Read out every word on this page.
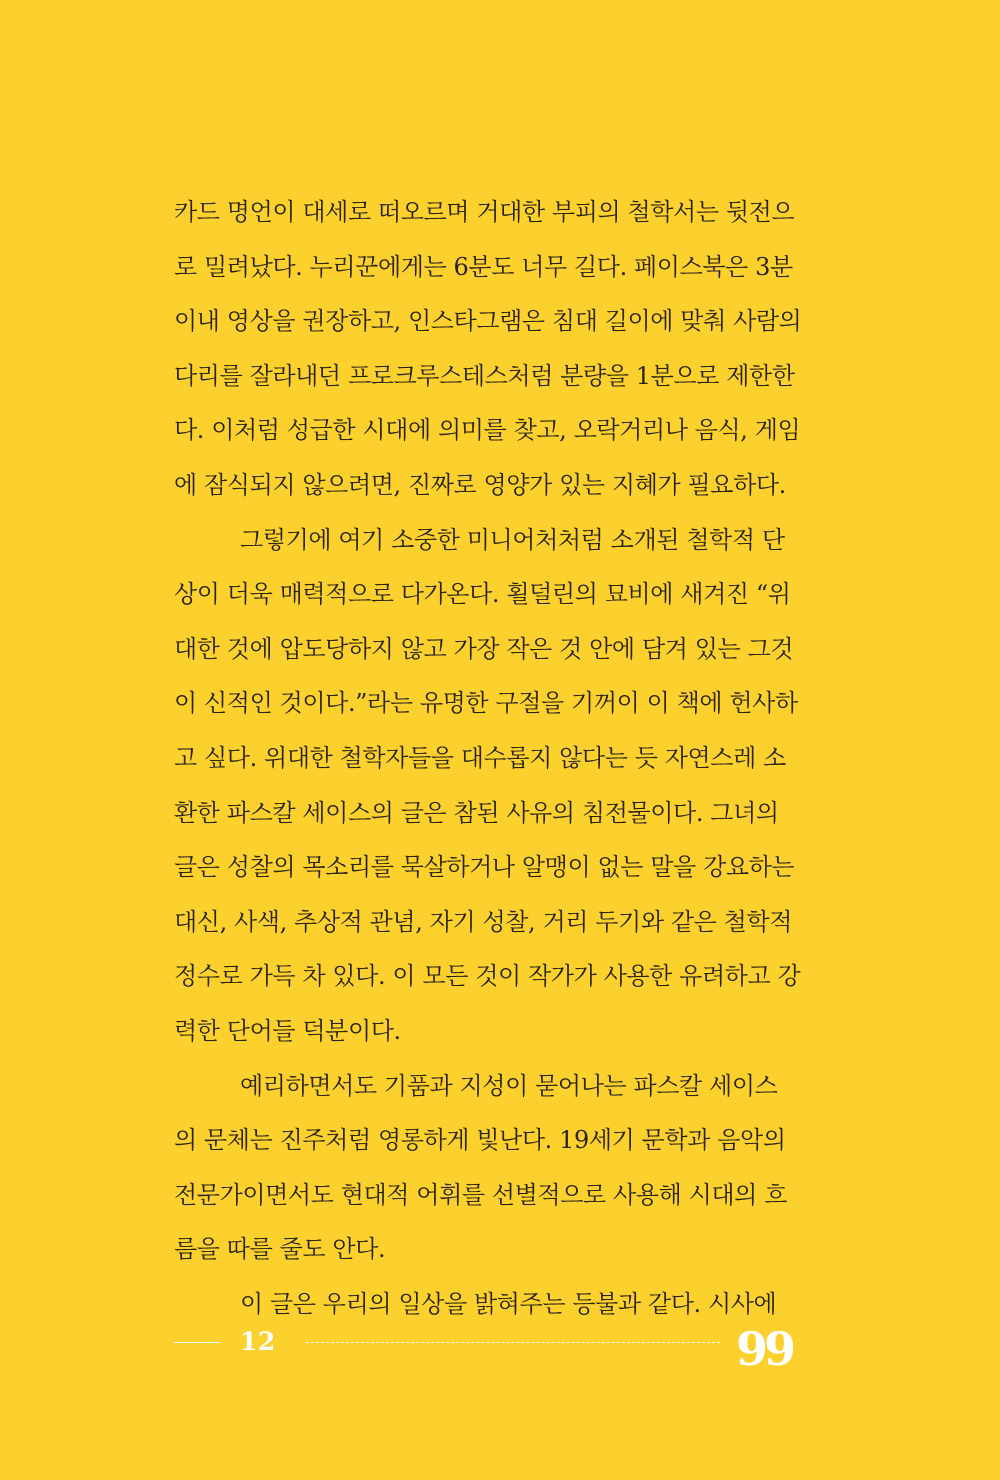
카드 명언이 대세로 떠오르며 거대한 부피의 철학서는 뒷전으
로 밀려났다. 누리꾼에게는 6분도 너무 길다. 페이스북은 3분
이내 영상을 권장하고, 인스타그램은 침대 길이에 맞춰 사람의
다리를 잘라내던 프로크루스테스처럼 분량을 1분으로 제한한
다. 이처럼 성급한 시대에 의미를 찾고, 오락거리나 음식, 게임
에 잠식되지 않으려면, 진짜로 영양가 있는 지혜가 필요하다.
그렇기에 여기 소중한 미니어처처럼 소개된 철학적 단
상이 더욱 매력적으로 다가온다. 횔덜린의 묘비에 새겨진 “위
대한 것에 압도당하지 않고 가장 작은 것 안에 담겨 있는 그것
이 신적인 것이다.”라는 유명한 구절을 기꺼이 이 책에 헌사하
고 싶다. 위대한 철학자들을 대수롭지 않다는 듯 자연스레 소
환한 파스칼 세이스의 글은 참된 사유의 침전물이다. 그녀의
글은 성찰의 목소리를 묵살하거나 알맹이 없는 말을 강요하는
대신, 사색, 추상적 관념, 자기 성찰, 거리 두기와 같은 철학적
정수로 가득 차 있다. 이 모든 것이 작가가 사용한 유려하고 강
력한 단어들 덕분이다.
예리하면서도 기품과 지성이 묻어나는 파스칼 세이스
의 문체는 진주처럼 영롱하게 빛난다. 19세기 문학과 음악의
전문가이면서도 현대적 어휘를 선별적으로 사용해 시대의 흐
름을 따를 줄도 안다.
이 글은 우리의 일상을 밝혀주는 등불과 같다. 시사에
12	99
